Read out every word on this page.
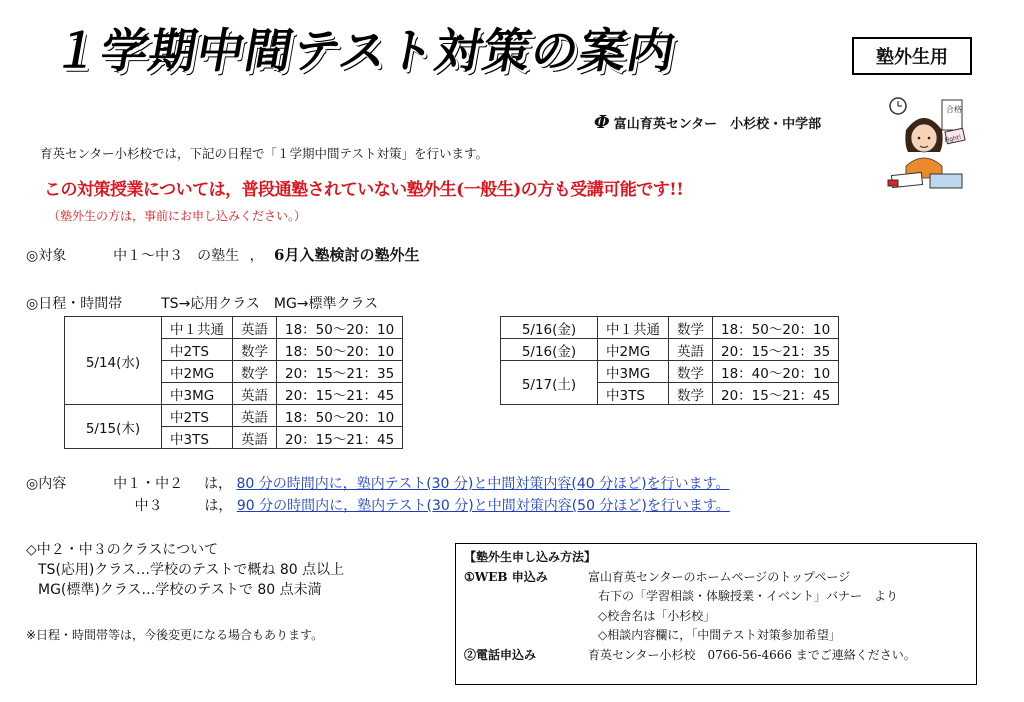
１学期中間テスト対策の案内	塾外生用
Φ 富山育英センター　小杉校・中学部
合格
Fight!
育英センター小杉校では，下記の日程で「１学期中間テスト対策」を行います。
この対策授業については，普段通塾されていない塾外生(一般生)の方も受講可能です!!
（塾外生の方は，事前にお申し込みください。）
◎対象	中１～中３　の塾生 ， 6月入塾検討の塾外生
◎日程・時間帯	TS→応用クラス　MG→標準クラス
5/14(水)	中１共通	英語	18：50～20：10
	中2TS	数学	18：50～20：10
	中2MG	数学	20：15～21：35
	中3MG	英語	20：15～21：45
5/15(木)	中2TS	英語	18：50～20：10
	中3TS	英語	20：15～21：45
5/16(金)	中１共通	数学	18：50～20：10
5/16(金)	中2MG	英語	20：15～21：35
5/17(土)	中3MG	数学	18：40～20：10
	中3TS	数学	20：15～21：45
◎内容	中１・中２ は， 80 分の時間内に，塾内テスト(30 分)と中間対策内容(40 分ほど)を行います。
中３	は， 90 分の時間内に，塾内テスト(30 分)と中間対策内容(50 分ほど)を行います。
◇中２・中３のクラスについて
TS(応用)クラス…学校のテストで概ね 80 点以上
MG(標準)クラス…学校のテストで 80 点未満
※日程・時間帯等は，今後変更になる場合もあります。
【塾外生申し込み方法】
①WEB 申込み	富山育英センターのホームページのトップページ
右下の「学習相談・体験授業・イベント」バナー　より
◇校舎名は「小杉校」
◇相談内容欄に，「中間テスト対策参加希望」
②電話申込み	育英センター小杉校　0766-56-4666 までご連絡ください。
